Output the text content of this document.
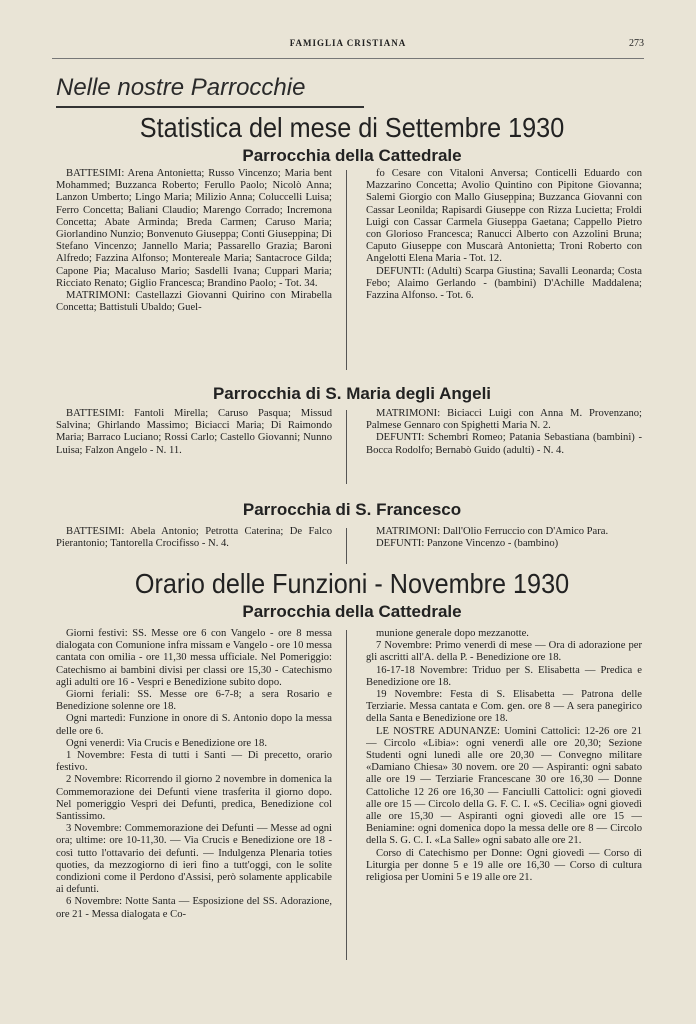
FAMIGLIA CRISTIANA	273
Nelle nostre Parrocchie
Statistica del mese di Settembre 1930
Parrocchia della Cattedrale

BATTESIMI: Arena Antonietta; Russo Vincenzo; Maria bent Mohammed; Buzzanca Roberto; Ferullo Paolo; Nicolò Anna; Lanzon Umberto; Lingo Maria; Milizio Anna; Coluccelli Luisa; Ferro Concetta; Baliani Claudio; Marengo Corrado; Incremona Concetta; Abate Arminda; Breda Carmen; Caruso Maria; Giorlandino Nunzio; Bonvenuto Giuseppa; Conti Giuseppina; Di Stefano Vincenzo; Jannello Maria; Passarello Grazia; Baroni Alfredo; Fazzina Alfonso; Montereale Maria; Santacroce Gilda; Capone Pia; Macaluso Mario; Sasdelli Ivana; Cuppari Maria; Ricciato Renato; Giglio Francesca; Brandino Paolo; - Tot. 34.

MATRIMONI: Castellazzi Giovanni Quirino con Mirabella Concetta; Battistuli Ubaldo; Guel-

fo Cesare con Vitaloni Anversa; Conticelli Eduardo con Mazzarino Concetta; Avolio Quintino con Pipitone Giovanna; Salemi Giorgio con Mallo Giuseppina; Buzzanca Giovanni con Cassar Leonilda; Rapisardi Giuseppe con Rizza Lucietta; Froldi Luigi con Cassar Carmela Giuseppa Gaetana; Cappello Pietro con Glorioso Francesca; Ranucci Alberto con Azzolini Bruna; Caputo Giuseppe con Muscarà Antonietta; Troni Roberto con Angelotti Elena Maria - Tot. 12.

DEFUNTI: (Adulti) Scarpa Giustina; Savalli Leonarda; Costa Febo; Alaimo Gerlando - (bambini) D'Achille Maddalena; Fazzina Alfonso. - Tot. 6.

Parrocchia di S. Maria degli Angeli

BATTESIMI: Fantoli Mirella; Caruso Pasqua; Missud Salvina; Ghirlando Massimo; Biciacci Maria; Di Raimondo Maria; Barraco Luciano; Rossi Carlo; Castello Giovanni; Nunno Luisa; Falzon Angelo - N. 11.

MATRIMONI: Biciacci Luigi con Anna M. Provenzano; Palmese Gennaro con Spighetti Maria N. 2.

DEFUNTI: Schembri Romeo; Patania Sebastiana (bambini) - Bocca Rodolfo; Bernabò Guido (adulti) - N. 4.

Parrocchia di S. Francesco

BATTESIMI: Abela Antonio; Petrotta Caterina; De Falco Pierantonio; Tantorella Crocifisso - N. 4.

MATRIMONI: Dall'Olio Ferruccio con D'Amico Para.

DEFUNTI: Panzone Vincenzo - (bambino)

Orario delle Funzioni - Novembre 1930
Parrocchia della Cattedrale

Giorni festivi: SS. Messe ore 6 con Vangelo - ore 8 messa dialogata con Comunione infra missam e Vangelo - ore 10 messa cantata con omilia - ore 11,30 messa ufficiale. Nel Pomeriggio: Catechismo ai bambini divisi per classi ore 15,30 - Catechismo agli adulti ore 16 - Vespri e Benedizione subito dopo.

Giorni feriali: SS. Messe ore 6-7-8; a sera Rosario e Benedizione solenne ore 18.

Ogni martedì: Funzione in onore di S. Antonio dopo la messa delle ore 6.

Ogni venerdì: Via Crucis e Benedizione ore 18.

1 Novembre: Festa di tutti i Santi — Di precetto, orario festivo.

2 Novembre: Ricorrendo il giorno 2 novembre in domenica la Commemorazione dei Defunti viene trasferita il giorno dopo. Nel pomeriggio Vespri dei Defunti, predica, Benedizione col Santissimo.

3 Novembre: Commemorazione dei Defunti — Messe ad ogni ora; ultime: ore 10-11,30. — Via Crucis e Benedizione ore 18 - così tutto l'ottavario dei defunti. — Indulgenza Plenaria toties quoties, da mezzogiorno di ieri fino a tutt'oggi, con le solite condizioni come il Perdono d'Assisi, però solamente applicabile ai defunti.

6 Novembre: Notte Santa — Esposizione del SS. Adorazione, ore 21 - Messa dialogata e Co-

munione generale dopo mezzanotte.

7 Novembre: Primo venerdì di mese — Ora di adorazione per gli ascritti all'A. della P. - Benedizione ore 18.

16-17-18 Novembre: Triduo per S. Elisabetta — Predica e Benedizione ore 18.

19 Novembre: Festa di S. Elisabetta — Patrona delle Terziarie. Messa cantata e Com. gen. ore 8 — A sera panegirico della Santa e Benedizione ore 18.

LE NOSTRE ADUNANZE: Uomini Cattolici: 12-26 ore 21 — Circolo «Libia»: ogni venerdì alle ore 20,30; Sezione Studenti ogni lunedì alle ore 20,30 — Convegno militare «Damiano Chiesa» 30 novem. ore 20 — Aspiranti: ogni sabato alle ore 19 — Terziarie Francescane 30 ore 16,30 — Donne Cattoliche 12 26 ore 16,30 — Fanciulli Cattolici: ogni giovedì alle ore 15 — Circolo della G. F. C. I. «S. Cecilia» ogni giovedì alle ore 15,30 — Aspiranti ogni giovedì alle ore 15 — Beniamine: ogni domenica dopo la messa delle ore 8 — Circolo della S. G. C. I. «La Salle» ogni sabato alle ore 21.

Corso di Catechismo per Donne: Ogni giovedì — Corso di Liturgia per donne 5 e 19 alle ore 16,30 — Corso di cultura religiosa per Uomini 5 e 19 alle ore 21.
